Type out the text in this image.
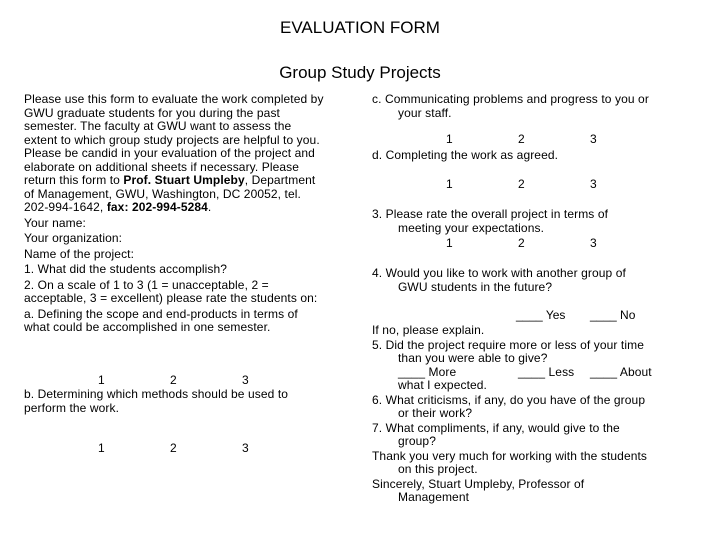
EVALUATION FORM
Group Study Projects
Please use this form to evaluate the work completed by
GWU graduate students for you during the past
semester. The faculty at GWU want to assess the
extent to which group study projects are helpful to you.
Please be candid in your evaluation of the project and
elaborate on additional sheets if necessary. Please
return this form to Prof. Stuart Umpleby, Department
of Management, GWU, Washington, DC 20052, tel.
202-994-1642, fax: 202-994-5284.
Your name:
Your organization:
Name of the project:
1. What did the students accomplish?
2. On a scale of 1 to 3 (1 = unacceptable, 2 =
acceptable, 3 = excellent) please rate the students on:
a. Defining the scope and end-products in terms of
what could be accomplished in one semester.
1	2	3
b. Determining which methods should be used to
perform the work.
1	2	3
c. Communicating problems and progress to you or
your staff.
1	2	3
d. Completing the work as agreed.
1	2	3
3. Please rate the overall project in terms of
meeting your expectations.
1	2	3
4. Would you like to work with another group of
GWU students in the future?
____ Yes ____ No
If no, please explain.
5. Did the project require more or less of your time
than you were able to give?
____ More	____ Less ____ About
what I expected.
6. What criticisms, if any, do you have of the group
or their work?
7. What compliments, if any, would give to the
group?
Thank you very much for working with the students
on this project.
Sincerely, Stuart Umpleby, Professor of
Management
